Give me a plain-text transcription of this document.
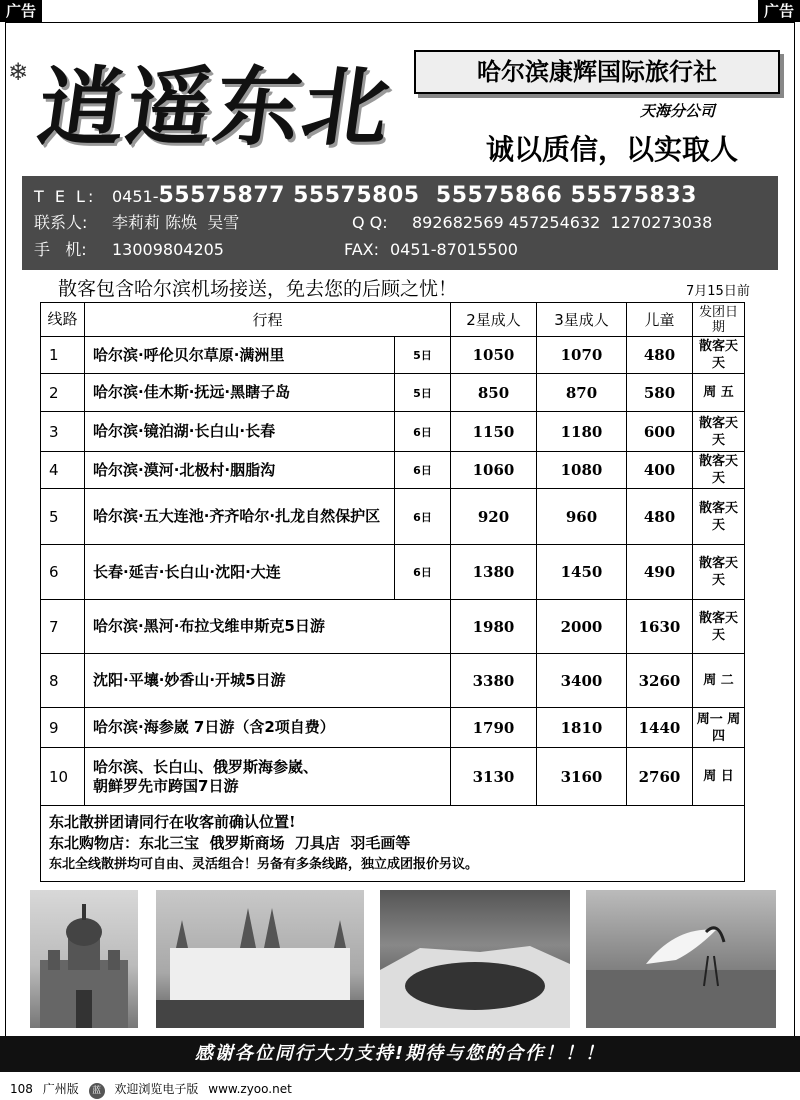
广告	广告
❄ 逍遥东北	哈尔滨康辉国际旅行社
天海分公司
诚以质信，以实取人
T E L: 0451-55575877 55575805  55575866 55575833
联系人: 李莉莉 陈焕  吴雪	Q Q: 892682569 457254632  1270273038
手   机: 13009804205	FAX: 0451-87015500
散客包含哈尔滨机场接送，免去您的后顾之忧！	7月15日前
线路	行程		2星成人	3星成人	儿童	发团日期
1	哈尔滨·呼伦贝尔草原·满洲里	5日	1050	1070	480	散客天天
2	哈尔滨·佳木斯·抚远·黑瞎子岛	5日	850	870	580	周 五
3	哈尔滨·镜泊湖·长白山·长春	6日	1150	1180	600	散客天天
4	哈尔滨·漠河·北极村·胭脂沟	6日	1060	1080	400	散客天天
5	哈尔滨·五大连池·齐齐哈尔·扎龙自然保护区	6日	920	960	480	散客天天
6	长春·延吉·长白山·沈阳·大连	6日	1380	1450	490	散客天天
7	哈尔滨·黑河·布拉戈维申斯克5日游		1980	2000	1630	散客天天
8	沈阳·平壤·妙香山·开城5日游		3380	3400	3260	周 二
9	哈尔滨·海参崴 7日游（含2项自费）		1790	1810	1440	周一 周四
10	哈尔滨、长白山、俄罗斯海参崴、朝鲜罗先市跨国7日游		3130	3160	2760	周 日

东北散拼团请同行在收客前确认位置!
东北购物店：东北三宝  俄罗斯商场  刀具店  羽毛画等
东北全线散拼均可自由、灵活组合！另备有多条线路，独立成团报价另议。						
感谢各位同行大力支持!期待与您的合作！！！
108 广州版 蓝 欢迎浏览电子版 www.zyoo.net
